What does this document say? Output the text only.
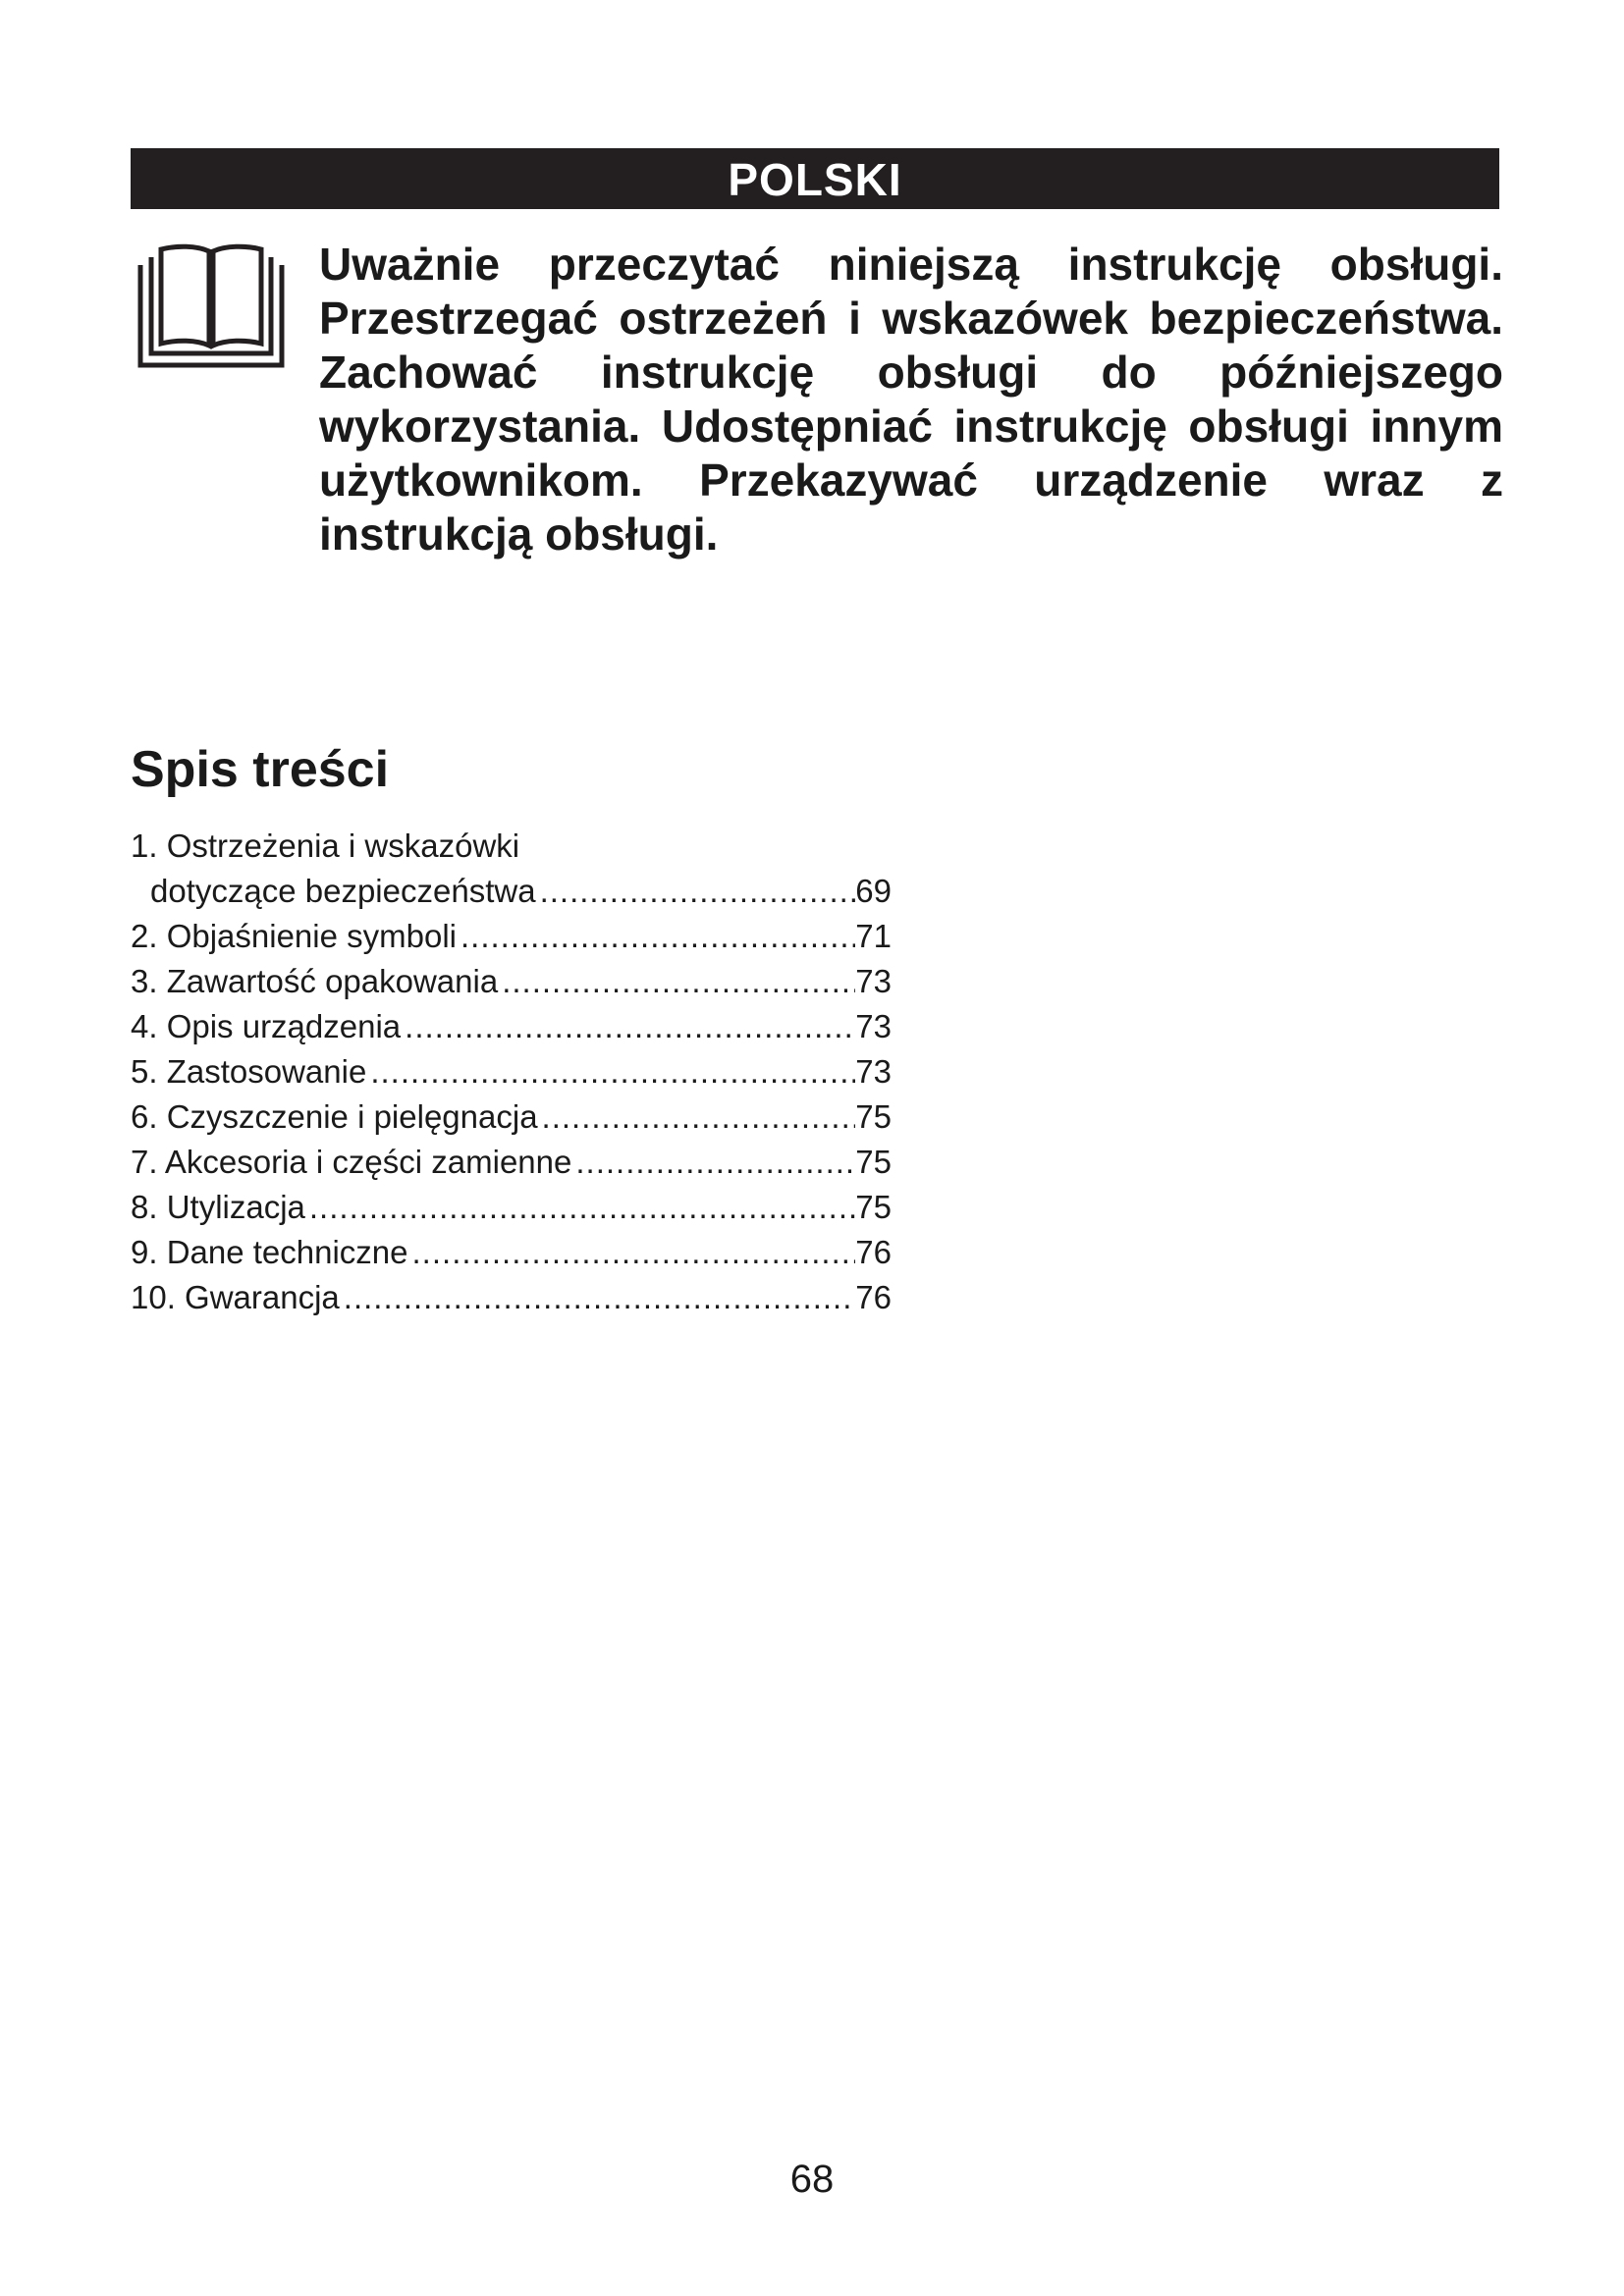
POLSKI

Uważnie przeczytać niniejszą instrukcję obsługi. Przestrzegać ostrzeżeń i wskazówek bezpieczeństwa. Zachować instrukcję obsługi do późniejszego wykorzystania. Udostępniać instrukcję obsługi innym użytkownikom. Przekazywać urządzenie wraz z instrukcją obsługi.

Spis treści
1. Ostrzeżenia i wskazówki
dotyczące bezpieczeństwa .....	69
2. Objaśnienie symboli .....	71
3. Zawartość opakowania .....	73
4. Opis urządzenia .....	73
5. Zastosowanie .....	73
6. Czyszczenie i pielęgnacja .....	75
7. Akcesoria i części zamienne .....	75
8. Utylizacja .....	75
9. Dane techniczne .....	76
10. Gwarancja .....	76
68
